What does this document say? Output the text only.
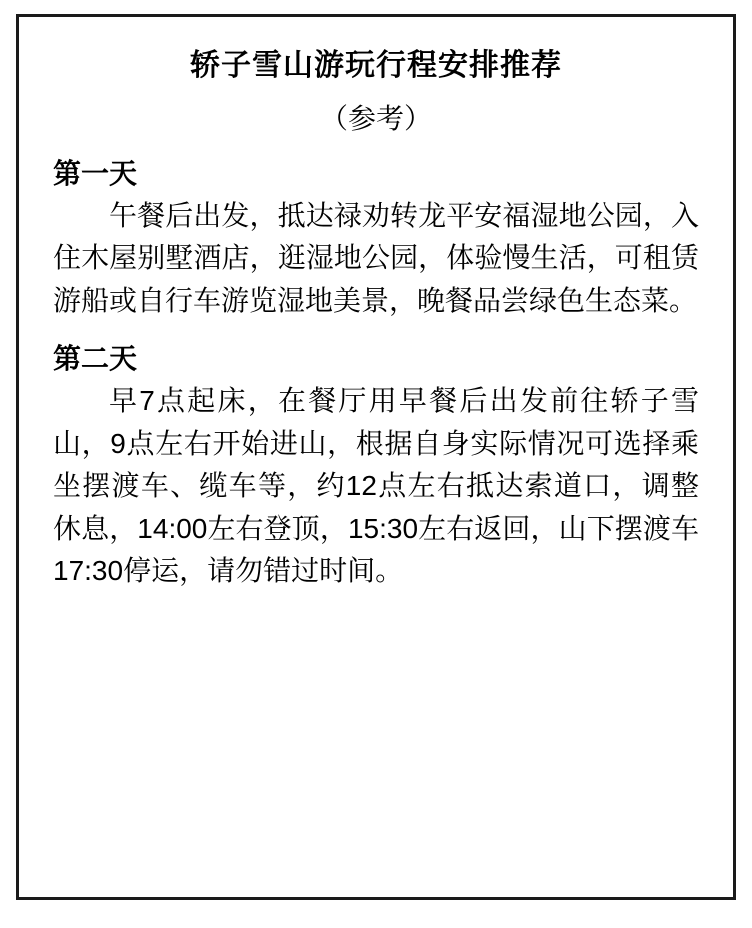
轿子雪山游玩行程安排推荐
（参考）
第一天

午餐后出发，抵达禄劝转龙平安福湿地公园，入住木屋别墅酒店，逛湿地公园，体验慢生活，可租赁游船或自行车游览湿地美景，晚餐品尝绿色生态菜。

第二天

早7点起床，在餐厅用早餐后出发前往轿子雪山，9点左右开始进山，根据自身实际情况可选择乘坐摆渡车、缆车等，约12点左右抵达索道口，调整休息，14:00左右登顶，15:30左右返回，山下摆渡车17:30停运，请勿错过时间。
